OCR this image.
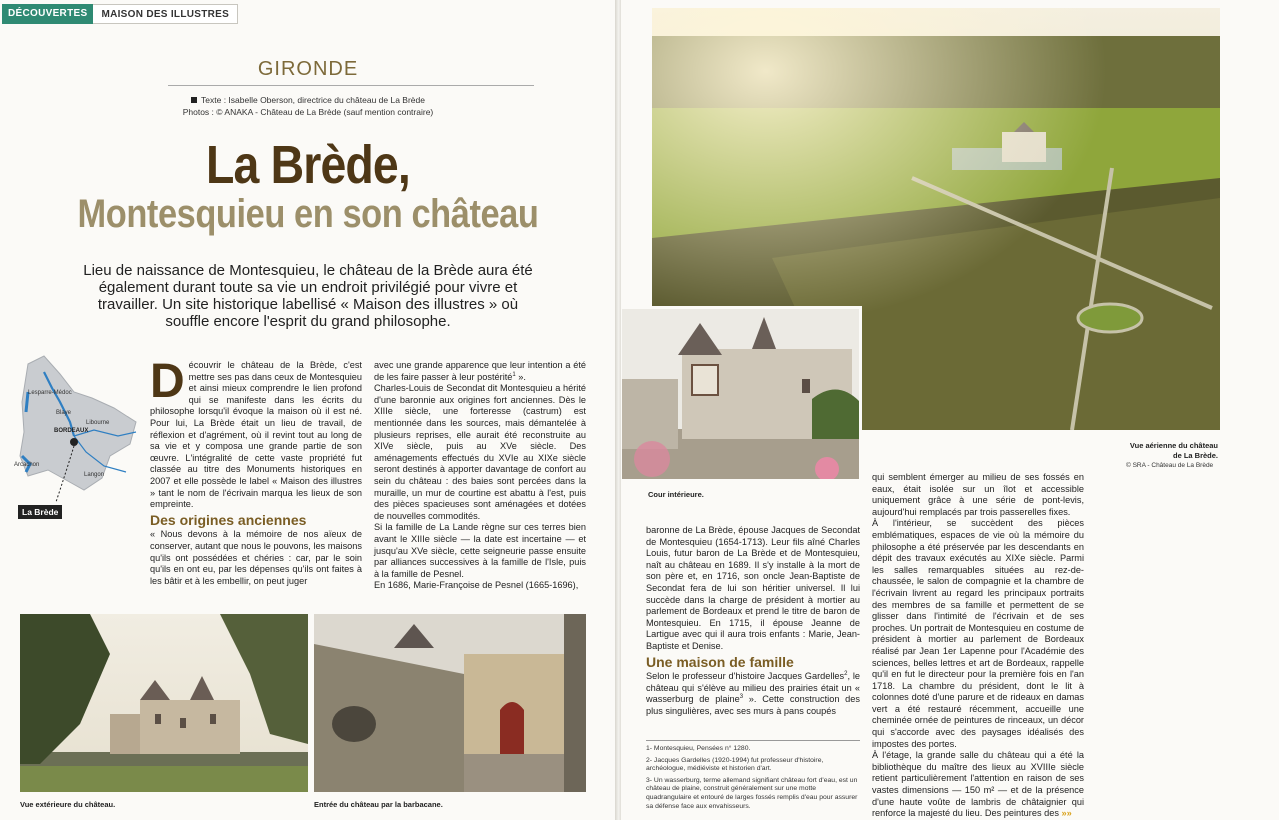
DÉCOUVERTES	MAISON DES ILLUSTRES
GIRONDE
Texte : Isabelle Oberson, directrice du château de La Brède
Photos : © ANAKA - Château de La Brède (sauf mention contraire)
La Brède,
Montesquieu en son château
Lieu de naissance de Montesquieu, le château de la Brède aura été également durant toute sa vie un endroit privilégié pour vivre et travailler. Un site historique labellisé « Maison des illustres » où souffle encore l'esprit du grand philosophe.
Lesparre-Médoc
Blaye
Libourne
BORDEAUX
Arcachon
Langon
La Brède
D écouvrir le château de la Brède, c'est mettre ses pas dans ceux de Montesquieu et ainsi mieux comprendre le lien profond qui se manifeste dans les écrits du philosophe lorsqu'il évoque la maison où il est né. Pour lui, La Brède était un lieu de travail, de réflexion et d'agrément, où il revint tout au long de sa vie et y composa une grande partie de son œuvre. L'intégralité de cette vaste propriété fut classée au titre des Monuments historiques en 2007 et elle possède le label « Maison des illustres » tant le nom de l'écrivain marqua les lieux de son empreinte.

Des origines anciennes

« Nous devons à la mémoire de nos aïeux de conserver, autant que nous le pouvons, les maisons qu'ils ont possédées et chéries : car, par le soin qu'ils en ont eu, par les dépenses qu'ils ont faites à les bâtir et à les embellir, on peut juger

avec une grande apparence que leur intention a été de les faire passer à leur postérité$^1$ ».

Charles-Louis de Secondat dit Montesquieu a hérité d'une baronnie aux origines fort anciennes. Dès le XIIIe siècle, une forteresse (castrum) est mentionnée dans les sources, mais démantelée à plusieurs reprises, elle aurait été reconstruite au XIVe siècle, puis au XVe siècle. Des aménagements effectués du XVIe au XIXe siècle seront destinés à apporter davantage de confort au sein du château : des baies sont percées dans la muraille, un mur de courtine est abattu à l'est, puis des pièces spacieuses sont aménagées et dotées de nouvelles commodités.

Si la famille de La Lande règne sur ces terres bien avant le XIIIe siècle — la date est incertaine — et jusqu'au XVe siècle, cette seigneurie passe ensuite par alliances successives à la famille de l'Isle, puis à la famille de Pesnel.

En 1686, Marie-Françoise de Pesnel (1665-1696),

Vue extérieure du château.	Entrée du château par la barbacane.
Vue aérienne du château
de La Brède.
© SRA - Château de La Brède
Cour intérieure.

baronne de La Brède, épouse Jacques de Secondat de Montesquieu (1654-1713). Leur fils aîné Charles Louis, futur baron de La Brède et de Montesquieu, naît au château en 1689. Il s'y installe à la mort de son père et, en 1716, son oncle Jean-Baptiste de Secondat fera de lui son héritier universel. Il lui succède dans la charge de président à mortier au parlement de Bordeaux et prend le titre de baron de Montesquieu. En 1715, il épouse Jeanne de Lartigue avec qui il aura trois enfants : Marie, Jean-Baptiste et Denise.

Une maison de famille

Selon le professeur d'histoire Jacques Gardelles$^2$, le château qui s'élève au milieu des prairies était un « wasserburg de plaine$^3$ ». Cette construction des plus singulières, avec ses murs à pans coupés

1- Montesquieu, Pensées n° 1280.

2- Jacques Gardelles (1920-1994) fut professeur d'histoire, archéologue, médiéviste et historien d'art.

3- Un wasserburg, terme allemand signifiant château fort d'eau, est un château de plaine, construit généralement sur une motte quadrangulaire et entouré de larges fossés remplis d'eau pour assurer sa défense face aux envahisseurs.

qui semblent émerger au milieu de ses fossés en eaux, était isolée sur un îlot et accessible uniquement grâce à une série de pont-levis, aujourd'hui remplacés par trois passerelles fixes.

À l'intérieur, se succèdent des pièces emblématiques, espaces de vie où la mémoire du philosophe a été préservée par les descendants en dépit des travaux exécutés au XIXe siècle. Parmi les salles remarquables situées au rez-de-chaussée, le salon de compagnie et la chambre de l'écrivain livrent au regard les principaux portraits des membres de sa famille et permettent de se glisser dans l'intimité de l'écrivain et de ses proches. Un portrait de Montesquieu en costume de président à mortier au parlement de Bordeaux réalisé par Jean 1er Lapenne pour l'Académie des sciences, belles lettres et art de Bordeaux, rappelle qu'il en fut le directeur pour la première fois en l'an 1718. La chambre du président, dont le lit à colonnes doté d'une parure et de rideaux en damas vert a été restauré récemment, accueille une cheminée ornée de peintures de rinceaux, un décor qui s'accorde avec des paysages idéalisés des impostes des portes.

À l'étage, la grande salle du château qui a été la bibliothèque du maître des lieux au XVIIIe siècle retient particulièrement l'attention en raison de ses vastes dimensions — 150 m² — et de la présence d'une haute voûte de lambris de châtaignier qui renforce la majesté du lieu. Des peintures des »»
